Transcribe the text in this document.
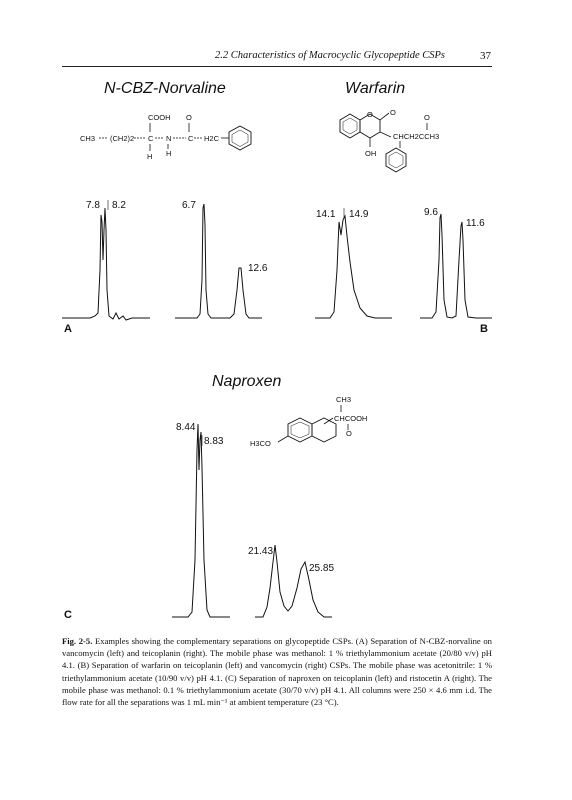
2.2 Characteristics of Macrocyclic Glycopeptide CSPs	37
N-CBZ-Norvaline	Warfarin
Naproxen
A	B
C
COOH O
CH3 (CH2)2 C N C H2C
H H
O O
O
CHCH2CCH3
OH
CH3
CHCOOH
O
H3CO
7.8 8.2	6.7
12.6
14.1 14.9	9.6
11.6
8.44
8.83
21.43
25.85
Fig. 2-5. Examples showing the complementary separations on glycopeptide CSPs. (A) Separation of N-CBZ-norvaline on vancomycin (left) and teicoplanin (right). The mobile phase was methanol: 1 % triethylammonium acetate (20/80 v/v) pH 4.1. (B) Separation of warfarin on teicoplanin (left) and vancomycin (right) CSPs. The mobile phase was acetonitrile: 1 % triethylammonium acetate (10/90 v/v) pH 4.1. (C) Separation of naproxen on teicoplanin (left) and ristocetin A (right). The mobile phase was methanol: 0.1 % triethylammonium acetate (30/70 v/v) pH 4.1. All columns were 250 × 4.6 mm i.d. The flow rate for all the separations was 1 mL min⁻¹ at ambient temperature (23 °C).
